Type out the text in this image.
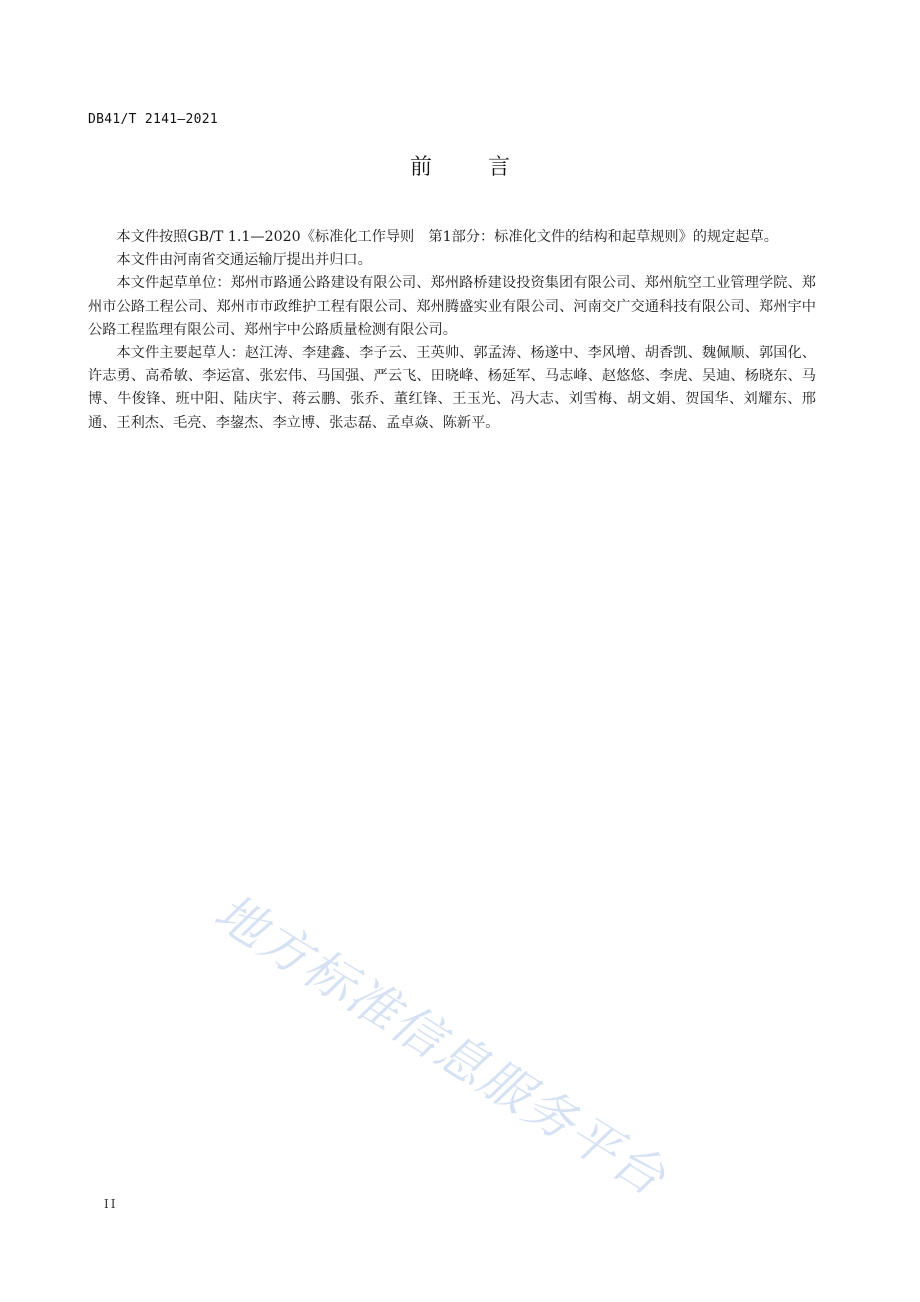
DB41/T 2141—2021
前言

本文件按照GB/T 1.1—2020《标准化工作导则　第1部分：标准化文件的结构和起草规则》的规定起草。

本文件由河南省交通运输厅提出并归口。

本文件起草单位：郑州市路通公路建设有限公司、郑州路桥建设投资集团有限公司、郑州航空工业管理学院、郑州市公路工程公司、郑州市市政维护工程有限公司、郑州腾盛实业有限公司、河南交广交通科技有限公司、郑州宇中公路工程监理有限公司、郑州宇中公路质量检测有限公司。

本文件主要起草人：赵江涛、李建鑫、李子云、王英帅、郭孟涛、杨遂中、李风增、胡香凯、魏佩顺、郭国化、许志勇、高希敏、李运富、张宏伟、马国强、严云飞、田晓峰、杨延军、马志峰、赵悠悠、李虎、吴迪、杨晓东、马博、牛俊锋、班中阳、陆庆宇、蒋云鹏、张乔、董红锋、王玉光、冯大志、刘雪梅、胡文娟、贺国华、刘耀东、邢通、王利杰、毛亮、李鋆杰、李立博、张志磊、孟卓焱、陈新平。

地方标准信息服务平台
II
